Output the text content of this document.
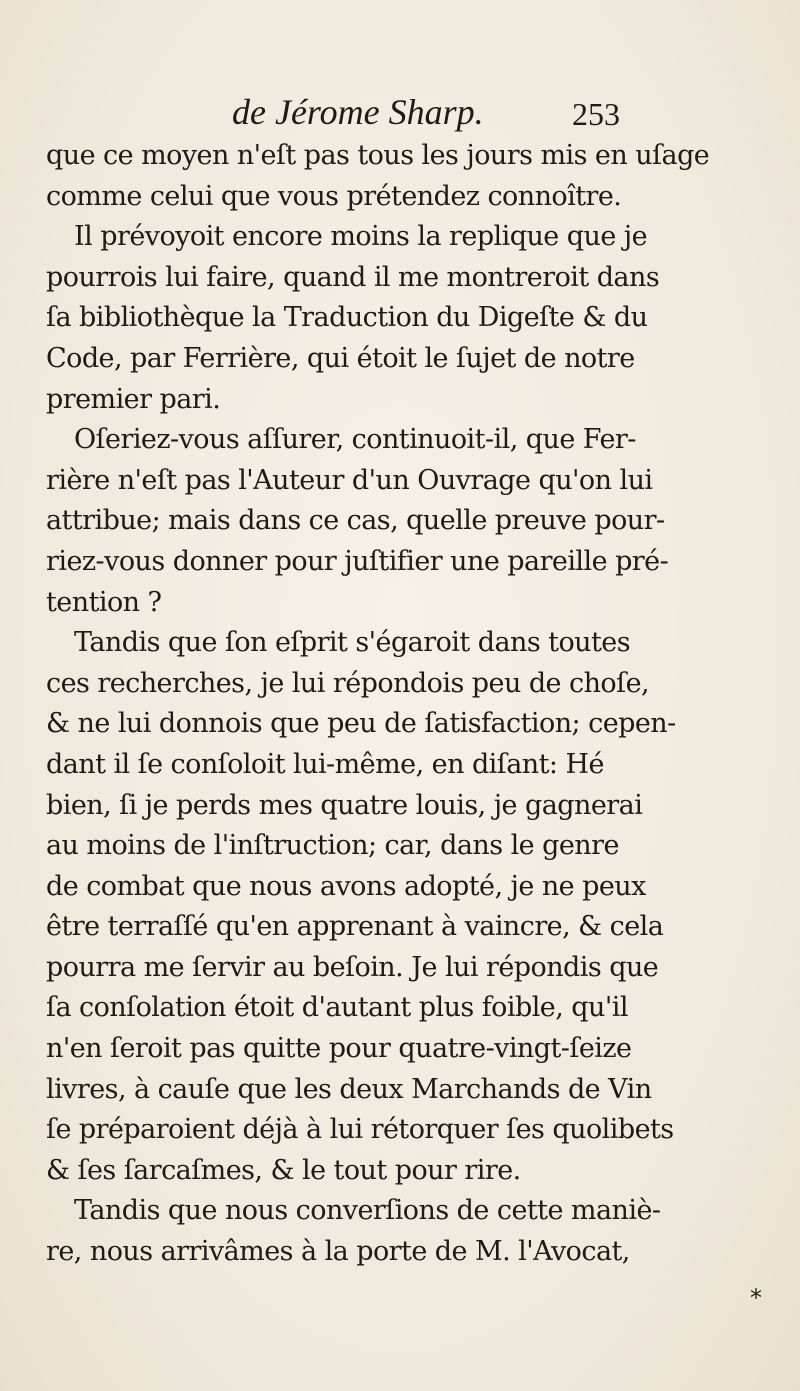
de Jérome Sharp.	253
que ce moyen n'eſt pas tous les jours mis en uſage
comme celui que vous prétendez connoître.
Il prévoyoit encore moins la replique que je
pourrois lui faire, quand il me montreroit dans
ſa bibliothèque la Traduction du Digeſte & du
Code, par Ferrière, qui étoit le ſujet de notre
premier pari.
Oſeriez-vous aſſurer, continuoit-il, que Fer-
rière n'eſt pas l'Auteur d'un Ouvrage qu'on lui
attribue; mais dans ce cas, quelle preuve pour-
riez-vous donner pour juſtifier une pareille pré-
tention ?
Tandis que ſon eſprit s'égaroit dans toutes
ces recherches, je lui répondois peu de choſe,
& ne lui donnois que peu de ſatisfaction; cepen-
dant il ſe conſoloit lui-même, en diſant: Hé
bien, ſi je perds mes quatre louis, je gagnerai
au moins de l'inſtruction; car, dans le genre
de combat que nous avons adopté, je ne peux
être terraſſé qu'en apprenant à vaincre, & cela
pourra me ſervir au beſoin. Je lui répondis que
ſa conſolation étoit d'autant plus foible, qu'il
n'en ſeroit pas quitte pour quatre-vingt-ſeize
livres, à cauſe que les deux Marchands de Vin
ſe préparoient déjà à lui rétorquer ſes quolibets
& ſes ſarcaſmes, & le tout pour rire.
Tandis que nous converſions de cette maniè-
re, nous arrivâmes à la porte de M. l'Avocat,
*
